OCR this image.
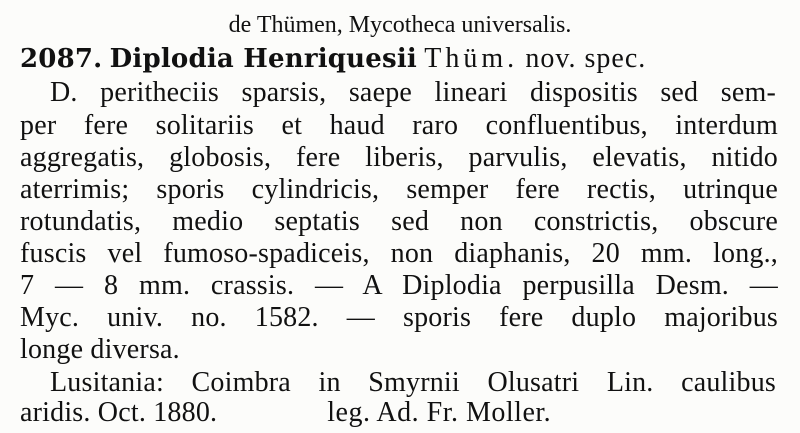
de Thümen, Mycotheca universalis.
2087. Diplodia Henriquesii Thüm. nov. spec.
D. peritheciis sparsis, saepe lineari dispositis sed sem-
per fere solitariis et haud raro confluentibus, interdum
aggregatis, globosis, fere liberis, parvulis, elevatis, nitido
aterrimis; sporis cylindricis, semper fere rectis, utrinque
rotundatis, medio septatis sed non constrictis, obscure
fuscis vel fumoso-spadiceis, non diaphanis, 20 mm. long.,
7 — 8 mm. crassis. — A Diplodia perpusilla Desm. —
Myc. univ. no. 1582. — sporis fere duplo majoribus
longe diversa.
Lusitania: Coimbra in Smyrnii Olusatri Lin. caulibus
aridis. Oct. 1880.	leg. Ad. Fr. Moller.
